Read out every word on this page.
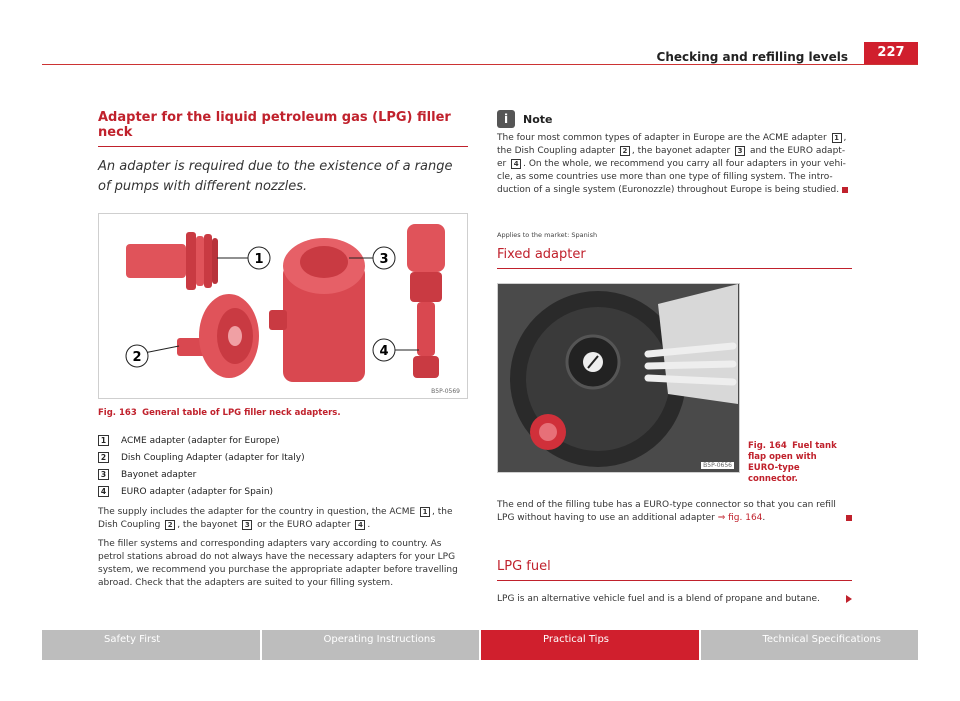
Checking and refilling levels	227
Adapter for the liquid petroleum gas (LPG) filler neck
An adapter is required due to the existence of a range of pumps with different nozzles.
1	3
2	4
B5P-0569
Fig. 163 General table of LPG filler neck adapters.
1	ACME adapter (adapter for Europe)
2	Dish Coupling Adapter (adapter for Italy)
3	Bayonet adapter
4	EURO adapter (adapter for Spain)

The supply includes the adapter for the country in question, the ACME 1 , the Dish Coupling 2 , the bayonet 3 or the EURO adapter 4 .

The filler systems and corresponding adapters vary according to country. As petrol stations abroad do not always have the necessary adapters for your LPG system, we recommend you purchase the appropriate adapter before travelling abroad. Check that the adapters are suited to your filling system.

i	Note

The four most common types of adapter in Europe are the ACME adapter 1 , the Dish Coupling adapter 2 , the bayonet adapter 3 and the EURO adapt-er 4 . On the whole, we recommend you carry all four adapters in your vehi-cle, as some countries use more than one type of filling system. The intro-duction of a single system (Euronozzle) throughout Europe is being studied.

Applies to the market: Spanish
Fixed adapter
B5P-0656
Fig. 164 Fuel tank flap open with EURO-type connector.

The end of the filling tube has a EURO-type connector so that you can refill LPG without having to use an additional adapter ⇒ fig. 164.

LPG fuel

LPG is an alternative vehicle fuel and is a blend of propane and butane.

Safety First	Operating Instructions	Practical Tips	Technical Specifications
